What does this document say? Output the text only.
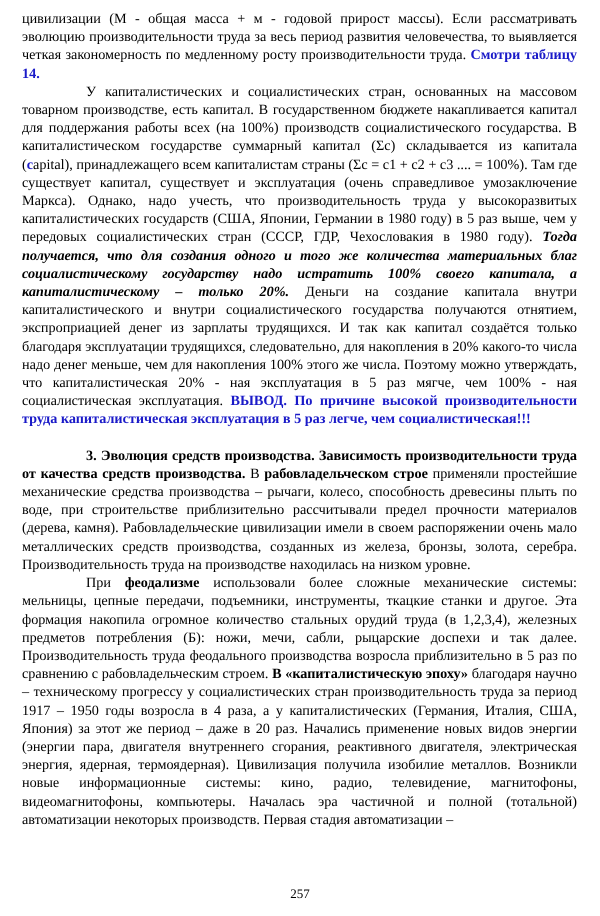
цивилизации (М - общая масса + м - годовой прирост массы). Если рассматривать эволюцию производительности труда за весь период развития человечества, то выявляется четкая закономерность по медленному росту производительности труда. Смотри таблицу 14.

У капиталистических и социалистических стран, основанных на массовом товарном производстве, есть капитал. В государственном бюджете накапливается капитал для поддержания работы всех (на 100%) производств социалистического государства. В капиталистическом государстве суммарный капитал (Σс) складывается из капитала (сapital), принадлежащего всем капиталистам страны (Σс = с1 + с2 + с3 .... = 100%). Там где существует капитал, существует и эксплуатация (очень справедливое умозаключение Маркса). Однако, надо учесть, что производительность труда у высокоразвитых капиталистических государств (США, Японии, Германии в 1980 году) в 5 раз выше, чем у передовых социалистических стран (СССР, ГДР, Чехословакия в 1980 году). Тогда получается, что для создания одного и того же количества материальных благ социалистическому государству надо истратить 100% своего капитала, а капиталистическому – только 20%. Деньги на создание капитала внутри капиталистического и внутри социалистического государства получаются отнятием, экспроприацией денег из зарплаты трудящихся. И так как капитал создаётся только благодаря эксплуатации трудящихся, следовательно, для накопления в 20% какого-то числа надо денег меньше, чем для накопления 100% этого же числа. Поэтому можно утверждать, что капиталистическая 20% - ная эксплуатация в 5 раз мягче, чем 100% - ная социалистическая эксплуатация. ВЫВОД. По причине высокой производительности труда капиталистическая эксплуатация в 5 раз легче, чем социалистическая!!!

3. Эволюция средств производства. Зависимость производительности труда от качества средств производства. В рабовладельческом строе применяли простейшие механические средства производства – рычаги, колесо, способность древесины плыть по воде, при строительстве приблизительно рассчитывали предел прочности материалов (дерева, камня). Рабовладельческие цивилизации имели в своем распоряжении очень мало металлических средств производства, созданных из железа, бронзы, золота, серебра. Производительность труда на производстве находилась на низком уровне.

При феодализме использовали более сложные механические системы: мельницы, цепные передачи, подъемники, инструменты, ткацкие станки и другое. Эта формация накопила огромное количество стальных орудий труда (в 1,2,3,4), железных предметов потребления (Б): ножи, мечи, сабли, рыцарские доспехи и так далее. Производительность труда феодального производства возросла приблизительно в 5 раз по сравнению с рабовладельческим строем. В «капиталистическую эпоху» благодаря научно – техническому прогрессу у социалистических стран производительность труда за период 1917 – 1950 годы возросла в 4 раза, а у капиталистических (Германия, Италия, США, Япония) за этот же период – даже в 20 раз. Начались применение новых видов энергии (энергии пара, двигателя внутреннего сгорания, реактивного двигателя, электрическая энергия, ядерная, термоядерная). Цивилизация получила изобилие металлов. Возникли новые информационные системы: кино, радио, телевидение, магнитофоны, видеомагнитофоны, компьютеры. Началась эра частичной и полной (тотальной) автоматизации некоторых производств. Первая стадия автоматизации –

257
